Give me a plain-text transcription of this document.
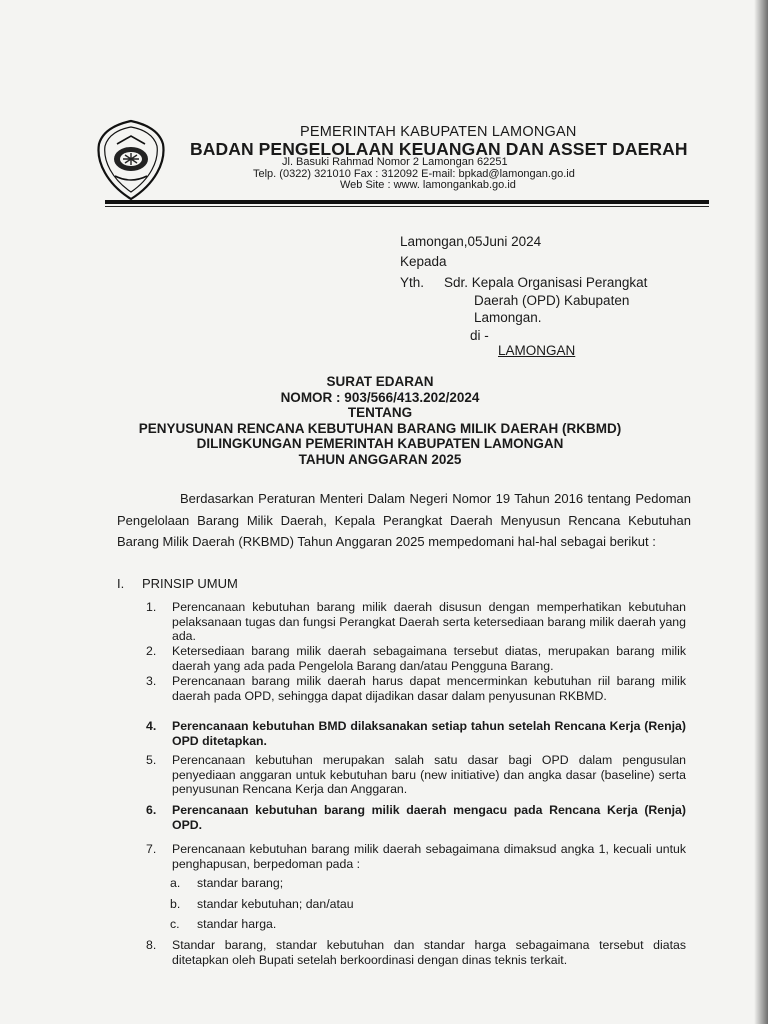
PEMERINTAH KABUPATEN LAMONGAN
BADAN PENGELOLAAN KEUANGAN DAN ASSET DAERAH
Jl. Basuki Rahmad Nomor 2 Lamongan 62251
Telp. (0322) 321010 Fax : 312092 E-mail: bpkad@lamongan.go.id
Web Site : www. lamongankab.go.id
Lamongan,05Juni 2024
Kepada
Yth. Sdr. Kepala Organisasi Perangkat
Daerah (OPD) Kabupaten
Lamongan.
di -
LAMONGAN
SURAT EDARAN
NOMOR : 903/566/413.202/2024
TENTANG
PENYUSUNAN RENCANA KEBUTUHAN BARANG MILIK DAERAH (RKBMD)
DILINGKUNGAN PEMERINTAH KABUPATEN LAMONGAN
TAHUN ANGGARAN 2025

Berdasarkan Peraturan Menteri Dalam Negeri Nomor 19 Tahun 2016 tentang Pedoman Pengelolaan Barang Milik Daerah, Kepala Perangkat Daerah Menyusun Rencana Kebutuhan Barang Milik Daerah (RKBMD) Tahun Anggaran 2025 mempedomani hal-hal sebagai berikut :

I. PRINSIP UMUM
1. Perencanaan kebutuhan barang milik daerah disusun dengan memperhatikan kebutuhan pelaksanaan tugas dan fungsi Perangkat Daerah serta ketersediaan barang milik daerah yang ada.
2. Ketersediaan barang milik daerah sebagaimana tersebut diatas, merupakan barang milik daerah yang ada pada Pengelola Barang dan/atau Pengguna Barang.
3. Perencanaan barang milik daerah harus dapat mencerminkan kebutuhan riil barang milik daerah pada OPD, sehingga dapat dijadikan dasar dalam penyusunan RKBMD.
4. Perencanaan kebutuhan BMD dilaksanakan setiap tahun setelah Rencana Kerja (Renja) OPD ditetapkan.
5. Perencanaan kebutuhan merupakan salah satu dasar bagi OPD dalam pengusulan penyediaan anggaran untuk kebutuhan baru (new initiative) dan angka dasar (baseline) serta penyusunan Rencana Kerja dan Anggaran.
6. Perencanaan kebutuhan barang milik daerah mengacu pada Rencana Kerja (Renja) OPD.
7. Perencanaan kebutuhan barang milik daerah sebagaimana dimaksud angka 1, kecuali untuk penghapusan, berpedoman pada :
a. standar barang;
b. standar kebutuhan; dan/atau
c. standar harga.
8. Standar barang, standar kebutuhan dan standar harga sebagaimana tersebut diatas ditetapkan oleh Bupati setelah berkoordinasi dengan dinas teknis terkait.
